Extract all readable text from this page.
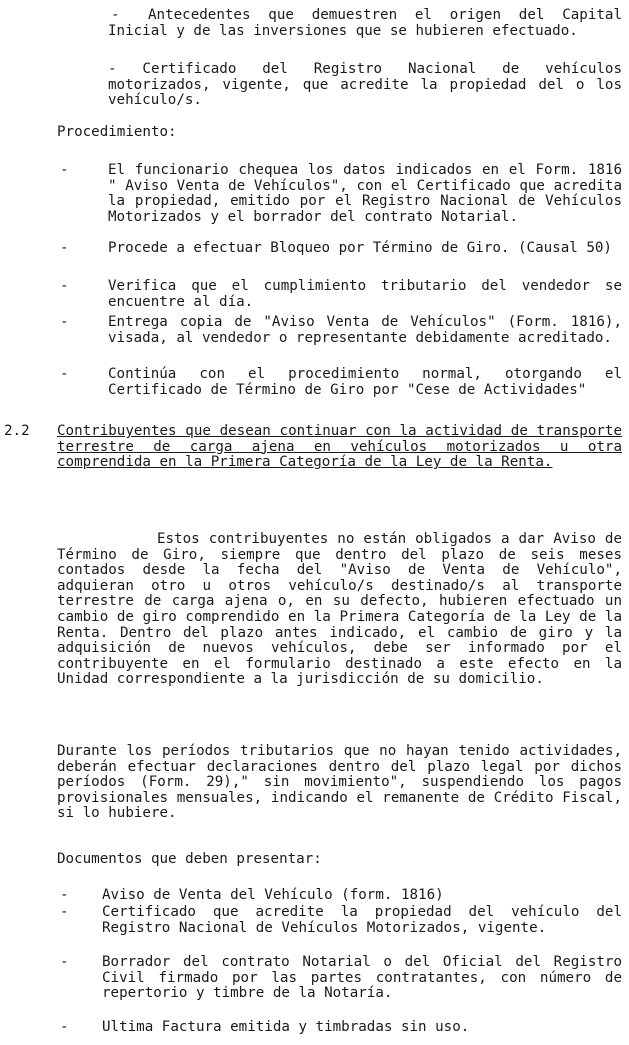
-	Antecedentes que demuestren el origen del Capital Inicial y de las inversiones que se hubieren efectuado.
- Certificado del Registro Nacional de vehículos motorizados, vigente, que acredite la propiedad del o los vehículo/s.
Procedimiento:
-	El funcionario chequea los datos indicados en el Form. 1816 " Aviso Venta de Vehículos", con el Certificado que acredita la propiedad, emitido por el Registro Nacional de Vehículos Motorizados y el borrador del contrato Notarial.
-	Procede a efectuar Bloqueo por Término de Giro. (Causal 50)
-	Verifica que el cumplimiento tributario del vendedor se encuentre al día.
-	Entrega copia de "Aviso Venta de Vehículos" (Form. 1816), visada, al vendedor o representante debidamente acreditado.
-	Continúa con el procedimiento normal, otorgando el Certificado de Término de Giro por "Cese de Actividades"
2.2 Contribuyentes que desean continuar con la actividad de transporte terrestre de carga ajena en vehículos motorizados u otra comprendida en la Primera Categoría de la Ley de la Renta.
Estos contribuyentes no están obligados a dar Aviso de Término de Giro, siempre que dentro del plazo de seis meses contados desde la fecha del "Aviso de Venta de Vehículo", adquieran otro u otros vehículo/s destinado/s al transporte terrestre de carga ajena o, en su defecto, hubieren efectuado un cambio de giro comprendido en la Primera Categoría de la Ley de la Renta. Dentro del plazo antes indicado, el cambio de giro y la adquisición de nuevos vehículos, debe ser informado por el contribuyente en el formulario destinado a este efecto en la Unidad correspondiente a la jurisdicción de su domicilio.
Durante los períodos tributarios que no hayan tenido actividades, deberán efectuar declaraciones dentro del plazo legal por dichos períodos (Form. 29)," sin movimiento", suspendiendo los pagos provisionales mensuales, indicando el remanente de Crédito Fiscal, si lo hubiere.
Documentos que deben presentar:
- Aviso de Venta del Vehículo (form. 1816)
- Certificado que acredite la propiedad del vehículo del Registro Nacional de Vehículos Motorizados, vigente.
- Borrador del contrato Notarial o del Oficial del Registro Civil firmado por las partes contratantes, con número de repertorio y timbre de la Notaría.
- Ultima Factura emitida y timbradas sin uso.
